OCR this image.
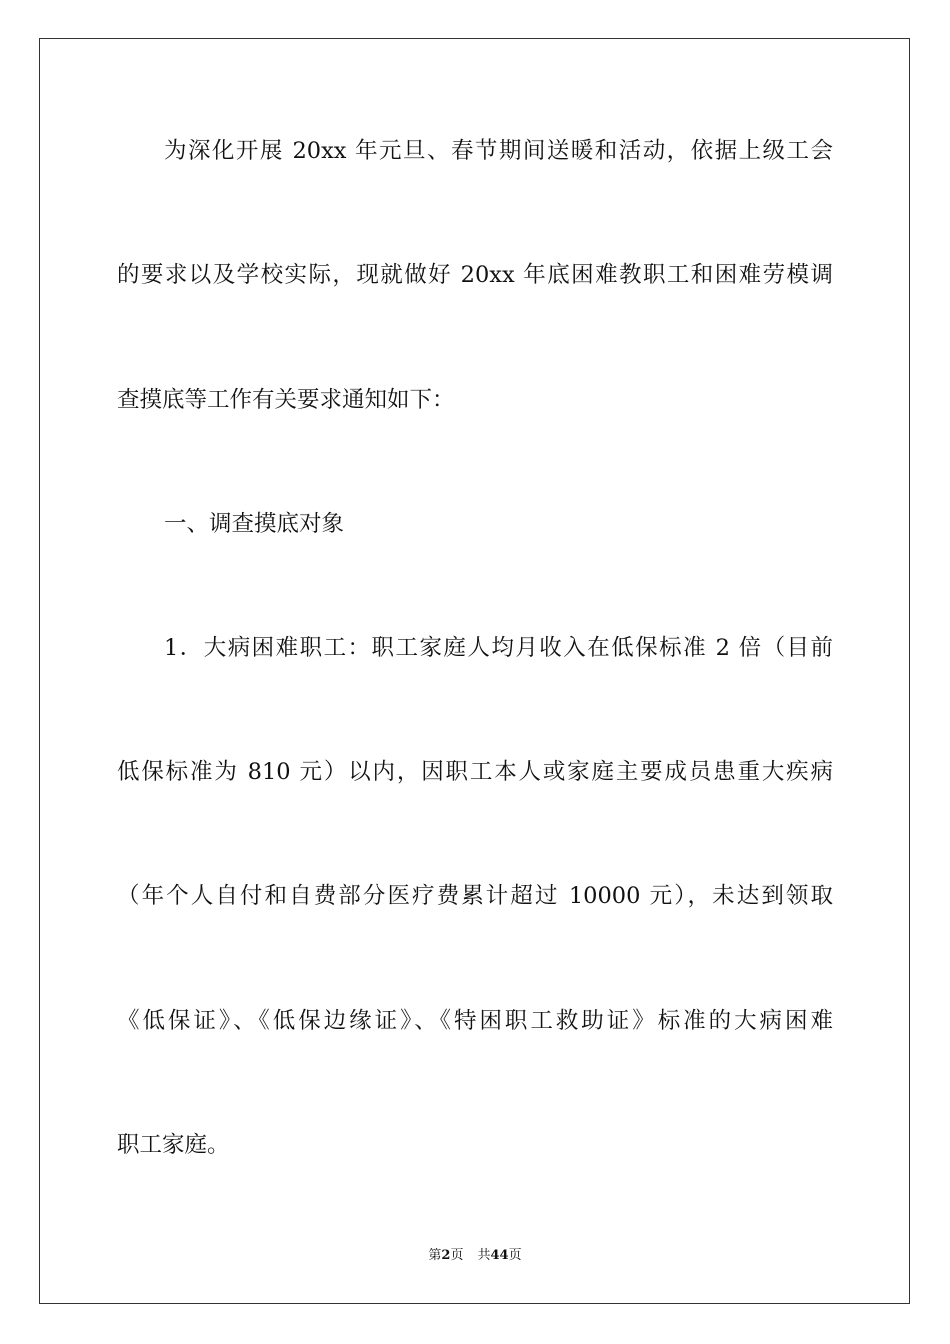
为深化开展 20xx 年元旦、春节期间送暖和活动，依据上级工会
的要求以及学校实际，现就做好 20xx 年底困难教职工和困难劳模调
查摸底等工作有关要求通知如下：
一、调查摸底对象
1．大病困难职工：职工家庭人均月收入在低保标准 2 倍（目前
低保标准为 810 元）以内，因职工本人或家庭主要成员患重大疾病
（年个人自付和自费部分医疗费累计超过 10000 元），未达到领取
《低保证》、《低保边缘证》、《特困职工救助证》标准的大病困难
职工家庭。
第2页 共44页
